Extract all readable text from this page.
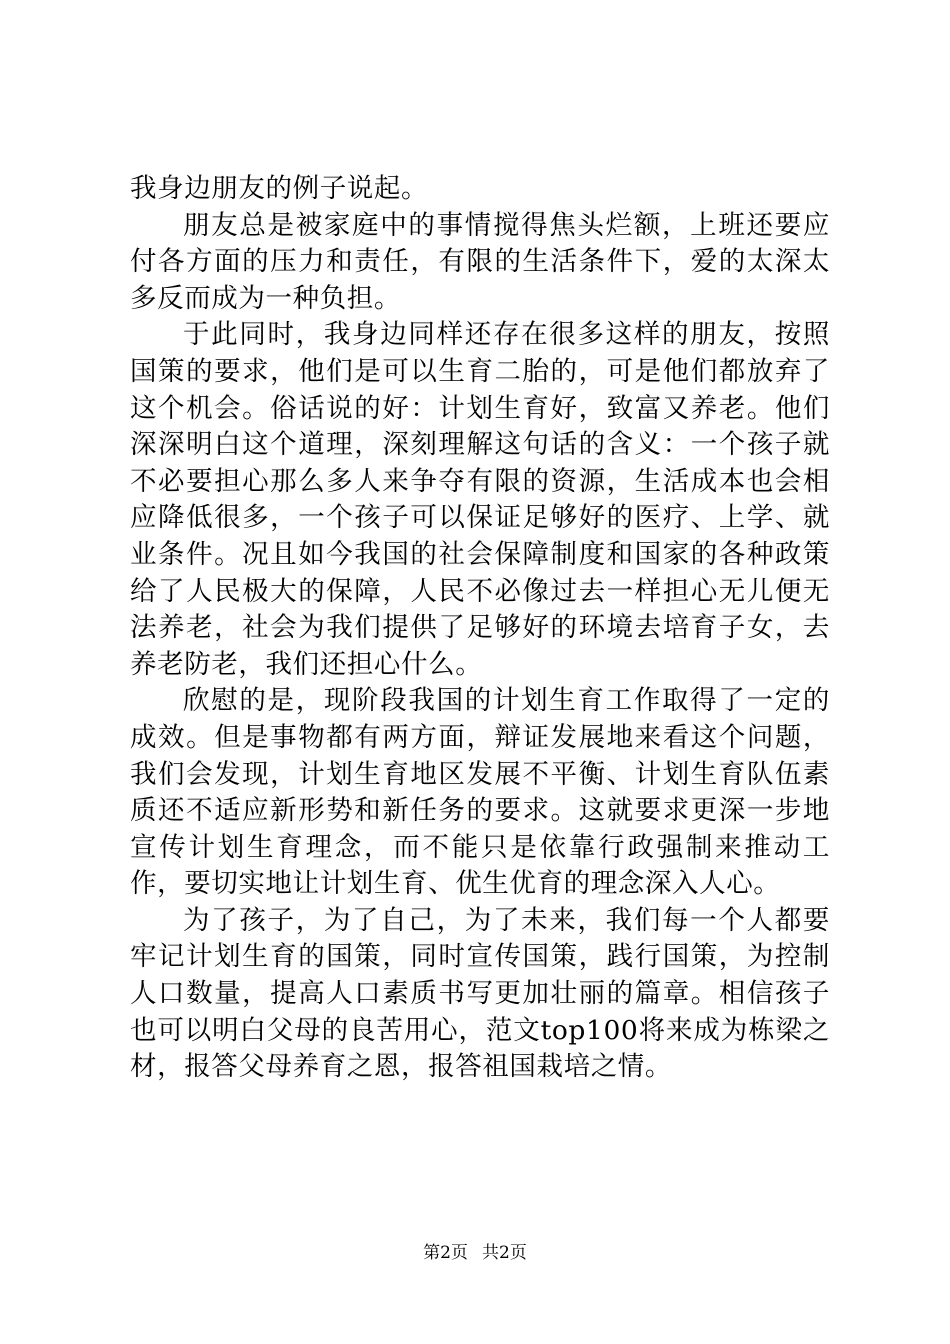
我身边朋友的例子说起。

朋友总是被家庭中的事情搅得焦头烂额，上班还要应付各方面的压力和责任，有限的生活条件下，爱的太深太多反而成为一种负担。

于此同时，我身边同样还存在很多这样的朋友，按照国策的要求，他们是可以生育二胎的，可是他们都放弃了这个机会。俗话说的好：计划生育好，致富又养老。他们深深明白这个道理，深刻理解这句话的含义：一个孩子就不必要担心那么多人来争夺有限的资源，生活成本也会相应降低很多，一个孩子可以保证足够好的医疗、上学、就业条件。况且如今我国的社会保障制度和国家的各种政策给了人民极大的保障，人民不必像过去一样担心无儿便无法养老，社会为我们提供了足够好的环境去培育子女，去养老防老，我们还担心什么。

欣慰的是，现阶段我国的计划生育工作取得了一定的成效。但是事物都有两方面，辩证发展地来看这个问题，我们会发现，计划生育地区发展不平衡、计划生育队伍素质还不适应新形势和新任务的要求。这就要求更深一步地宣传计划生育理念，而不能只是依靠行政强制来推动工作，要切实地让计划生育、优生优育的理念深入人心。

为了孩子，为了自己，为了未来，我们每一个人都要牢记计划生育的国策，同时宣传国策，践行国策，为控制人口数量，提高人口素质书写更加壮丽的篇章。相信孩子也可以明白父母的良苦用心，范文top100将来成为栋梁之材，报答父母养育之恩，报答祖国栽培之情。

第2页 共2页
